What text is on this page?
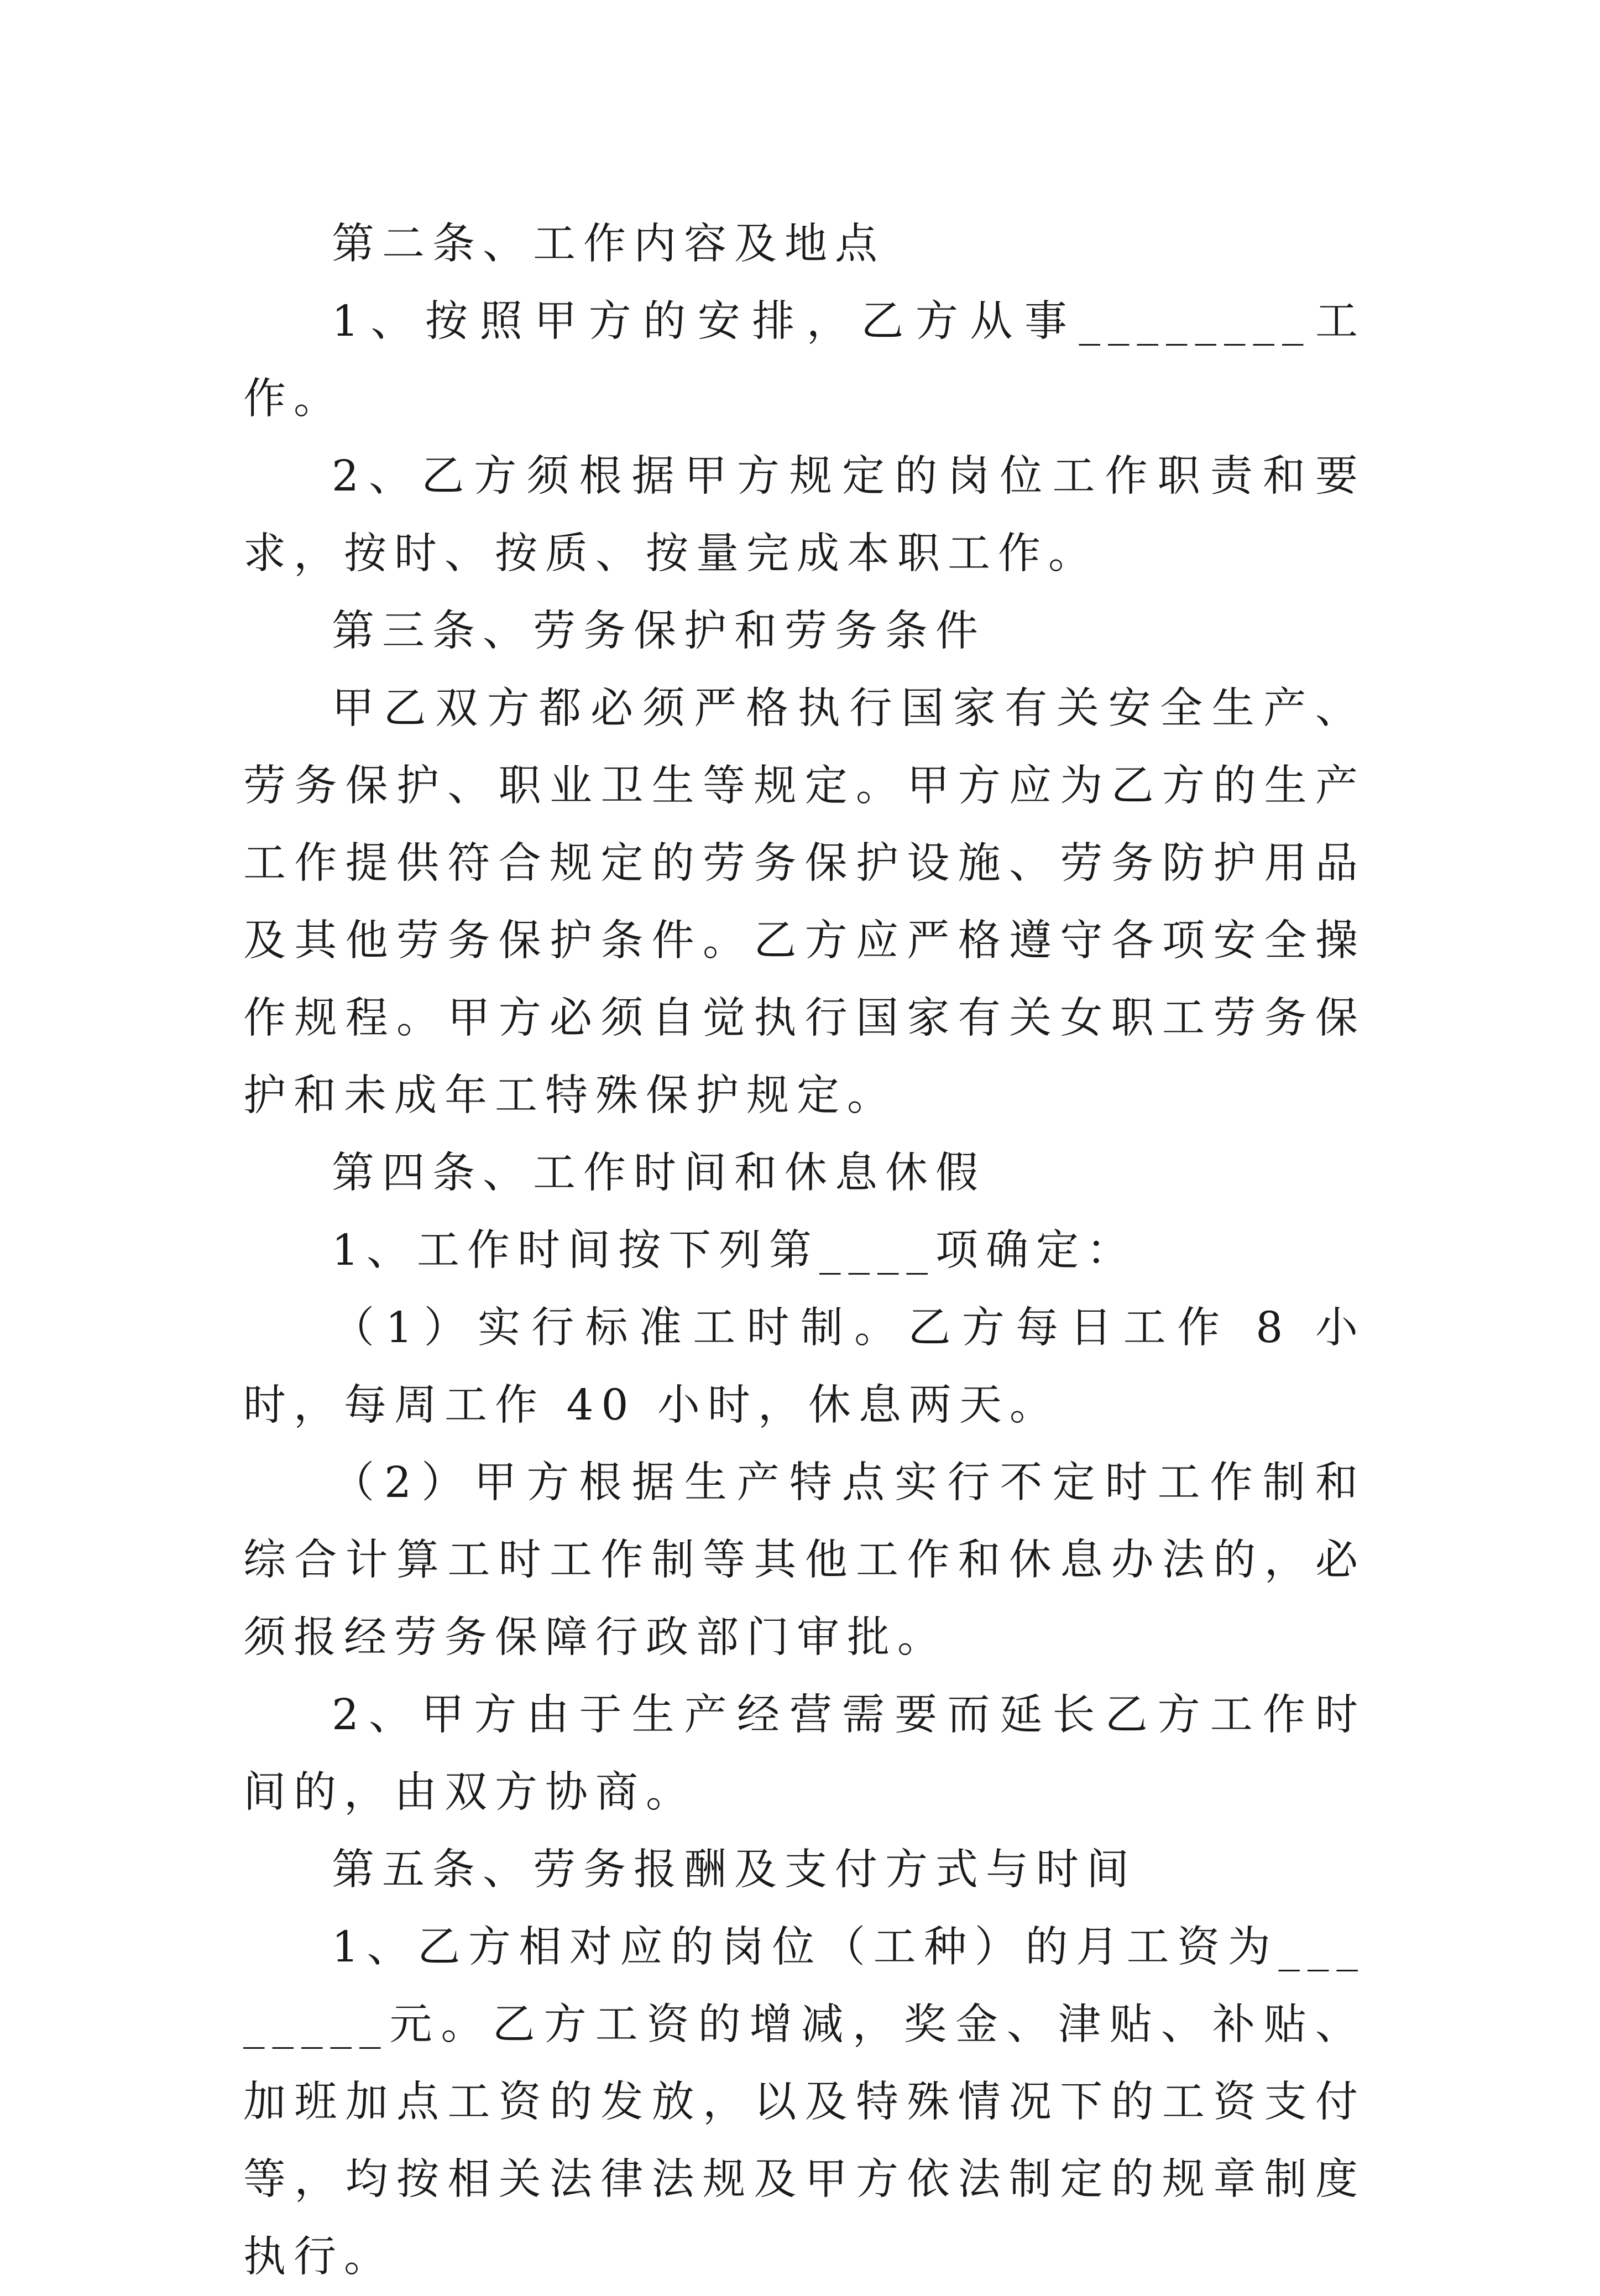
第二条、工作内容及地点

1、按照甲方的安排，乙方从事________工作。

2、乙方须根据甲方规定的岗位工作职责和要求，按时、按质、按量完成本职工作。

第三条、劳务保护和劳务条件

甲乙双方都必须严格执行国家有关安全生产、劳务保护、职业卫生等规定。甲方应为乙方的生产工作提供符合规定的劳务保护设施、劳务防护用品及其他劳务保护条件。乙方应严格遵守各项安全操作规程。甲方必须自觉执行国家有关女职工劳务保护和未成年工特殊保护规定。

第四条、工作时间和休息休假

1、工作时间按下列第____项确定：

（1）实行标准工时制。乙方每日工作 8 小时，每周工作 40 小时，休息两天。

（2）甲方根据生产特点实行不定时工作制和综合计算工时工作制等其他工作和休息办法的，必须报经劳务保障行政部门审批。

2、甲方由于生产经营需要而延长乙方工作时间的，由双方协商。

第五条、劳务报酬及支付方式与时间

1、乙方相对应的岗位（工种）的月工资为________元。乙方工资的增减，奖金、津贴、补贴、加班加点工资的发放，以及特殊情况下的工资支付等，均按相关法律法规及甲方依法制定的规章制度执行。
